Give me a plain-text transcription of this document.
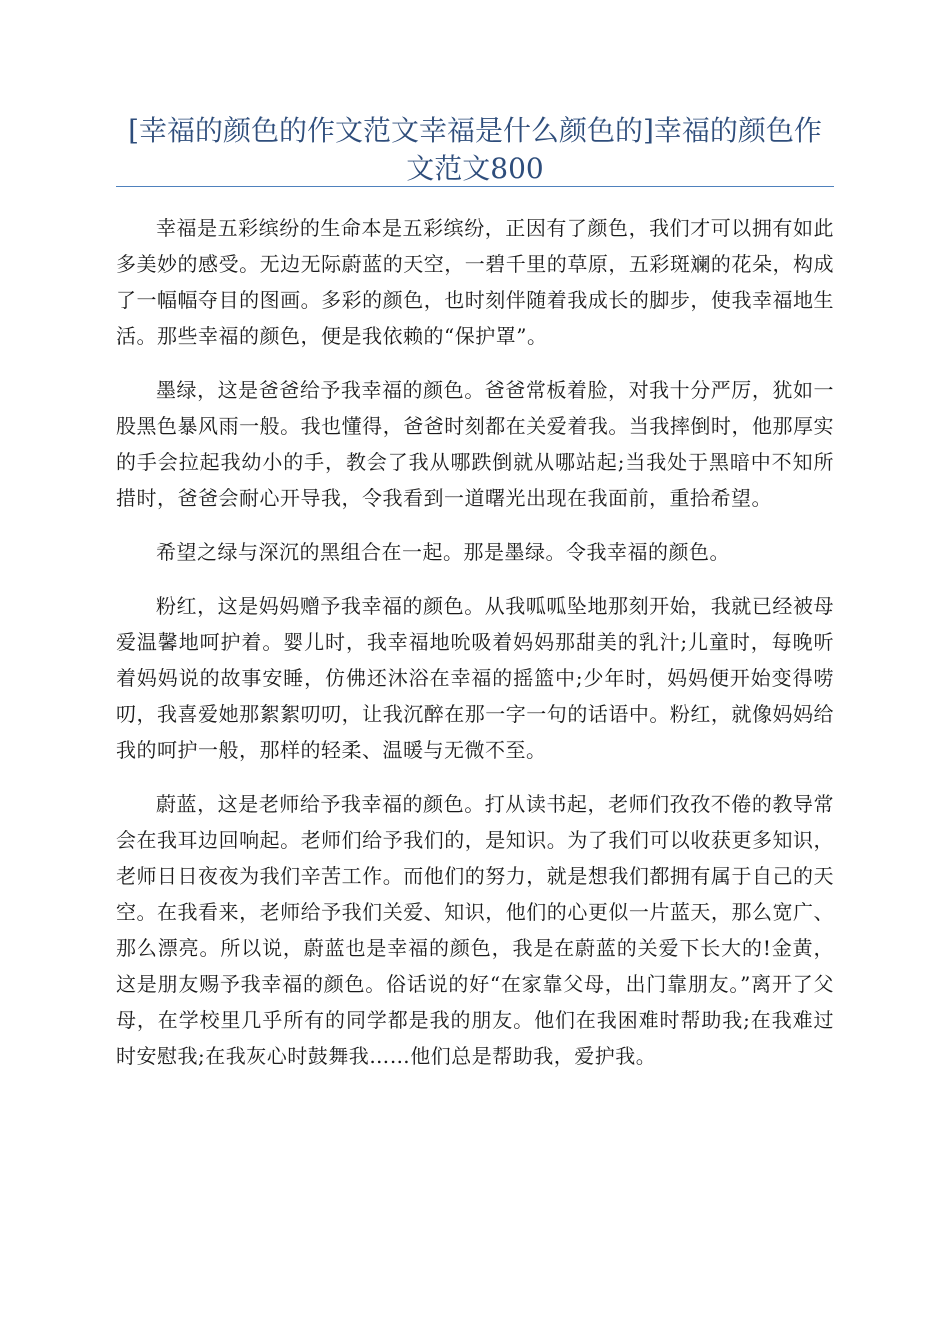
[幸福的颜色的作文范文幸福是什么颜色的]幸福的颜色作文范文800

幸福是五彩缤纷的生命本是五彩缤纷，正因有了颜色，我们才可以拥有如此多美妙的感受。无边无际蔚蓝的天空，一碧千里的草原，五彩斑斓的花朵，构成了一幅幅夺目的图画。多彩的颜色，也时刻伴随着我成长的脚步，使我幸福地生活。那些幸福的颜色，便是我依赖的“保护罩”。

墨绿，这是爸爸给予我幸福的颜色。爸爸常板着脸，对我十分严厉，犹如一股黑色暴风雨一般。我也懂得，爸爸时刻都在关爱着我。当我摔倒时，他那厚实的手会拉起我幼小的手，教会了我从哪跌倒就从哪站起;当我处于黑暗中不知所措时，爸爸会耐心开导我，令我看到一道曙光出现在我面前，重拾希望。

希望之绿与深沉的黑组合在一起。那是墨绿。令我幸福的颜色。

粉红，这是妈妈赠予我幸福的颜色。从我呱呱坠地那刻开始，我就已经被母爱温馨地呵护着。婴儿时，我幸福地吮吸着妈妈那甜美的乳汁;儿童时，每晚听着妈妈说的故事安睡，仿佛还沐浴在幸福的摇篮中;少年时，妈妈便开始变得唠叨，我喜爱她那絮絮叨叨，让我沉醉在那一字一句的话语中。粉红，就像妈妈给我的呵护一般，那样的轻柔、温暖与无微不至。

蔚蓝，这是老师给予我幸福的颜色。打从读书起，老师们孜孜不倦的教导常会在我耳边回响起。老师们给予我们的，是知识。为了我们可以收获更多知识，老师日日夜夜为我们辛苦工作。而他们的努力，就是想我们都拥有属于自己的天空。在我看来，老师给予我们关爱、知识，他们的心更似一片蓝天，那么宽广、那么漂亮。所以说，蔚蓝也是幸福的颜色，我是在蔚蓝的关爱下长大的!金黄，这是朋友赐予我幸福的颜色。俗话说的好“在家靠父母，出门靠朋友。”离开了父母，在学校里几乎所有的同学都是我的朋友。他们在我困难时帮助我;在我难过时安慰我;在我灰心时鼓舞我……他们总是帮助我，爱护我。
